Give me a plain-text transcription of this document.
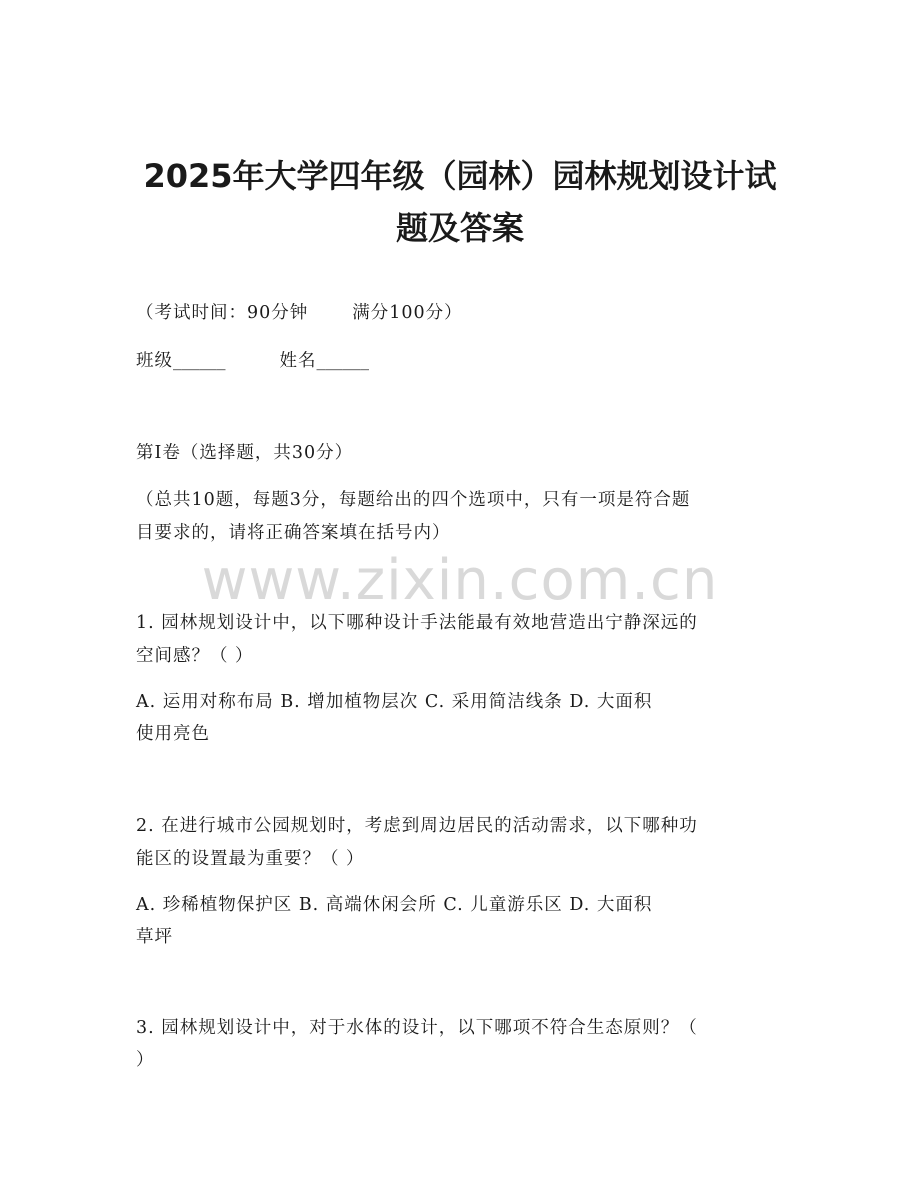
2025年大学四年级（园林）园林规划设计试
题及答案
（考试时间：90分钟	满分100分）
班级______	姓名______
第I卷（选择题，共30分）
（总共10题，每题3分，每题给出的四个选项中，只有一项是符合题
目要求的，请将正确答案填在括号内）
www.zixin.com.cn
1. 园林规划设计中，以下哪种设计手法能最有效地营造出宁静深远的
空间感？（ ）
A. 运用对称布局 B. 增加植物层次 C. 采用简洁线条 D. 大面积
使用亮色
2. 在进行城市公园规划时，考虑到周边居民的活动需求，以下哪种功
能区的设置最为重要？（ ）
A. 珍稀植物保护区 B. 高端休闲会所 C. 儿童游乐区 D. 大面积
草坪
3. 园林规划设计中，对于水体的设计，以下哪项不符合生态原则？（
）
